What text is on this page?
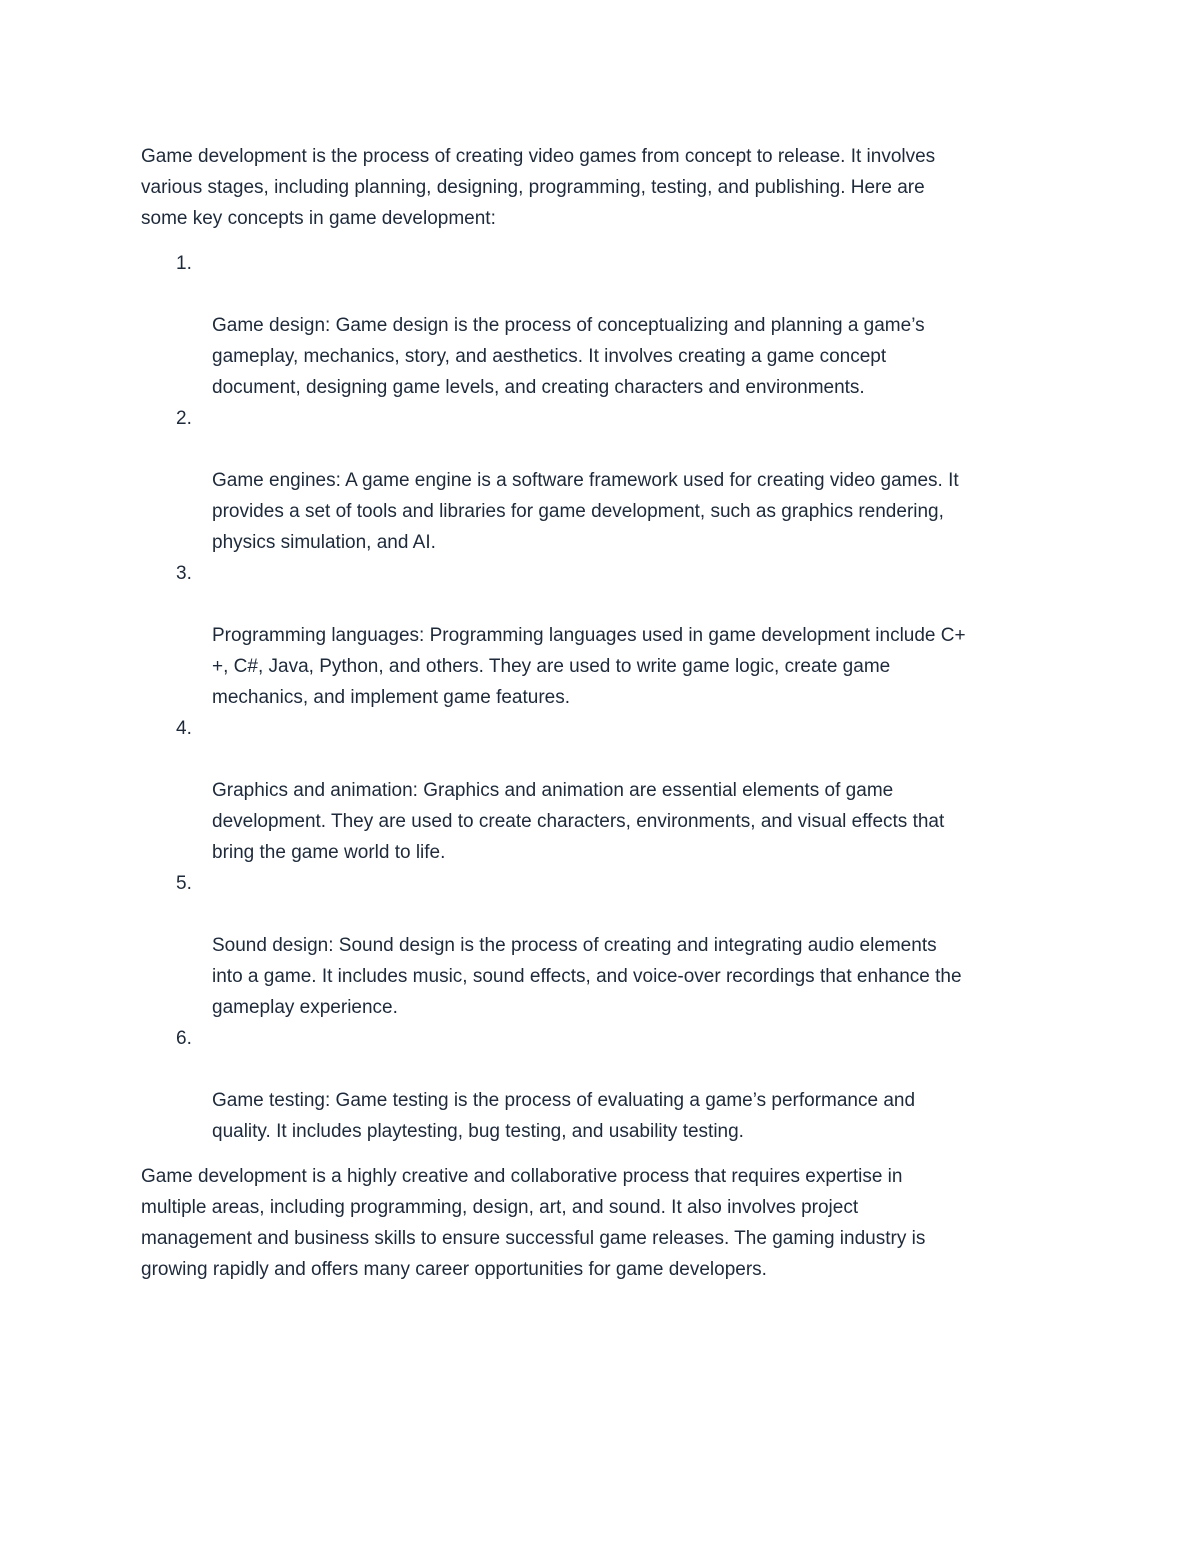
Game development is the process of creating video games from concept to release. It involves
various stages, including planning, designing, programming, testing, and publishing. Here are
some key concepts in game development:

1.

Game design: Game design is the process of conceptualizing and planning a game’s
gameplay, mechanics, story, and aesthetics. It involves creating a game concept
document, designing game levels, and creating characters and environments.

2.

Game engines: A game engine is a software framework used for creating video games. It
provides a set of tools and libraries for game development, such as graphics rendering,
physics simulation, and AI.

3.

Programming languages: Programming languages used in game development include C+
+, C#, Java, Python, and others. They are used to write game logic, create game
mechanics, and implement game features.

4.

Graphics and animation: Graphics and animation are essential elements of game
development. They are used to create characters, environments, and visual effects that
bring the game world to life.

5.

Sound design: Sound design is the process of creating and integrating audio elements
into a game. It includes music, sound effects, and voice-over recordings that enhance the
gameplay experience.

6.

Game testing: Game testing is the process of evaluating a game’s performance and
quality. It includes playtesting, bug testing, and usability testing.

Game development is a highly creative and collaborative process that requires expertise in
multiple areas, including programming, design, art, and sound. It also involves project
management and business skills to ensure successful game releases. The gaming industry is
growing rapidly and offers many career opportunities for game developers.
